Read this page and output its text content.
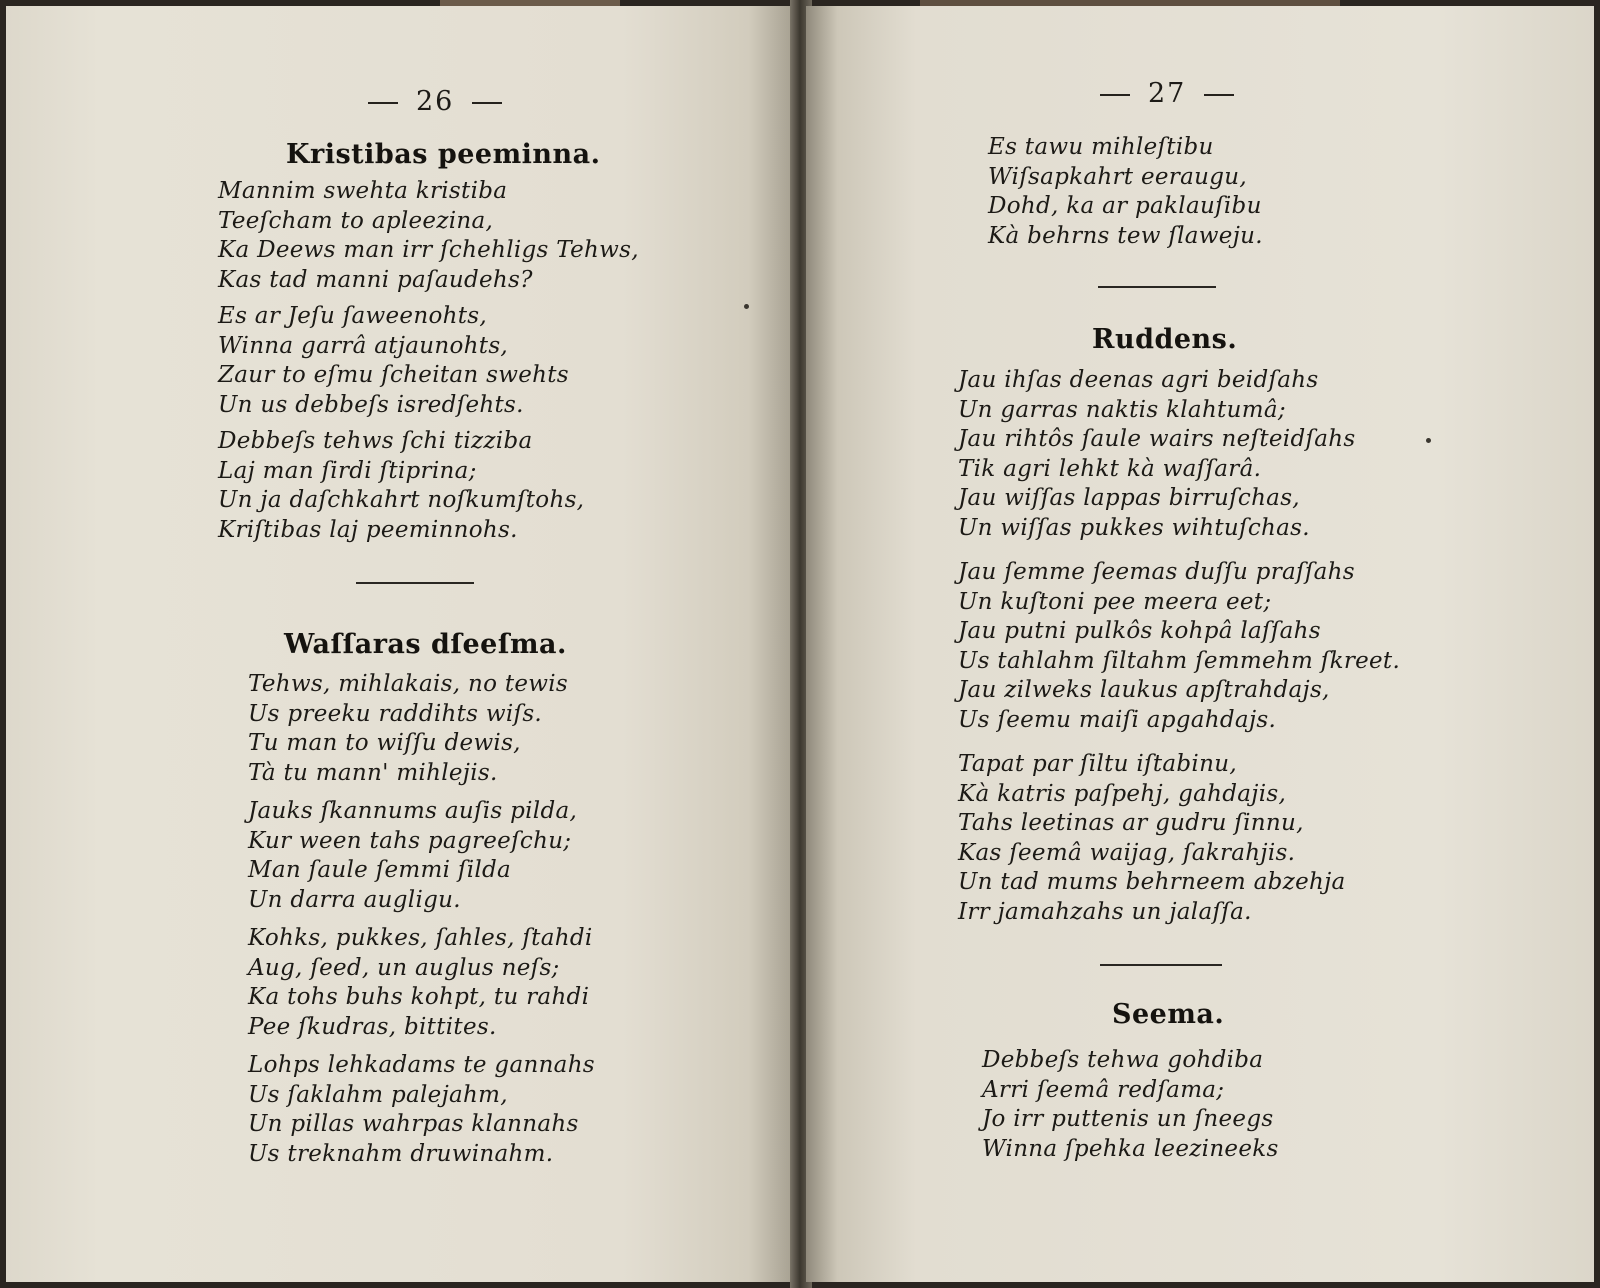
26
Kristibas peeminna.
Mannim swehta kristiba
Teeſcham to apleezina,
Ka Deews man irr ſchehligs Tehws,
Kas tad manni paſaudehs?
Es ar Jeſu ſaweenohts,
Winna garrâ atjaunohts,
Zaur to eſmu ſcheitan swehts
Un us debbeſs isredſehts.
Debbeſs tehws ſchi tizziba
Laj man ſirdi ſtiprina;
Un ja daſchkahrt noſkumſtohs,
Kriſtibas laj peeminnohs.
Waſſaras dſeeſma.
Tehws, mihlakais, no tewis
Us preeku raddihts wiſs.
Tu man to wiſſu dewis,
Tà tu mann' mihlejis.
Jauks ſkannums auſis pilda,
Kur ween tahs pagreeſchu;
Man ſaule ſemmi ſilda
Un darra augligu.
Kohks, pukkes, ſahles, ſtahdi
Aug, ſeed, un auglus neſs;
Ka tohs buhs kohpt, tu rahdi
Pee ſkudras, bittites.
Lohps lehkadams te gannahs
Us ſaklahm palejahm,
Un pillas wahrpas klannahs
Us treknahm druwinahm.
27
Es tawu mihleſtibu
Wiſsapkahrt eeraugu,
Dohd, ka ar paklauſibu
Kà behrns tew ſlaweju.
Ruddens.
Jau ihſas deenas agri beidſahs
Un garras naktis klahtumâ;
Jau rihtôs ſaule wairs neſteidſahs
Tik agri lehkt kà waſſarâ.
Jau wiſſas lappas birruſchas,
Un wiſſas pukkes wihtuſchas.
Jau ſemme ſeemas duſſu praſſahs
Un kuſtoni pee meera eet;
Jau putni pulkôs kohpâ laſſahs
Us tahlahm ſiltahm ſemmehm ſkreet.
Jau zilweks laukus apſtrahdajs,
Us ſeemu maiſi apgahdajs.
Tapat par ſiltu iſtabinu,
Kà katris paſpehj, gahdajis,
Tahs leetinas ar gudru ſinnu,
Kas ſeemâ waijag, ſakrahjis.
Un tad mums behrneem abzehja
Irr jamahzahs un jalaſſa.
Seema.
Debbeſs tehwa gohdiba
Arri ſeemâ redſama;
Jo irr puttenis un ſneegs
Winna ſpehka leezineeks
